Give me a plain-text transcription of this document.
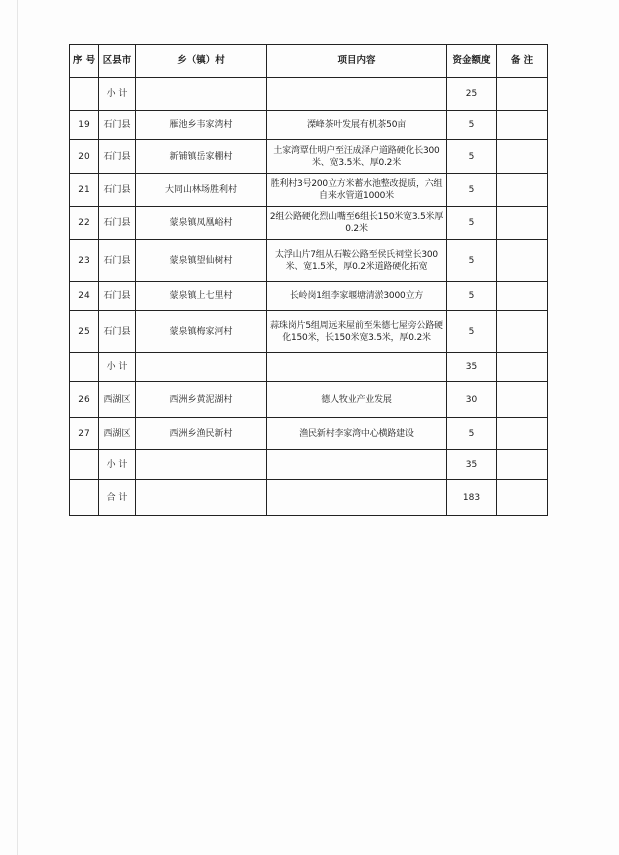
序 号	区县市	乡（镇）村	项目内容	资金额度	备 注
	小 计			25	
19	石门县	雁池乡韦家湾村	溧峰茶叶发展有机茶50亩	5	
20	石门县	新铺镇岳家棚村	土家湾覃仕明户至汪成泽户道路硬化长300米、宽3.5米、厚0.2米	5	
21	石门县	大同山林场胜利村	胜利村3号200立方米蓄水池整改提质，六组自来水管道1000米	5	
22	石门县	蒙泉镇凤凰峪村	2组公路硬化烈山嘴至6组长150米宽3.5米厚0.2米	5	
23	石门县	蒙泉镇望仙树村	太浮山片7组从石鞍公路至侯氏祠堂长300米、宽1.5米，厚0.2米道路硬化拓宽	5	
24	石门县	蒙泉镇上七里村	长岭岗1组李家堰塘清淤3000立方	5	
25	石门县	蒙泉镇梅家河村	蒜珠岗片5组周远来屋前至朱德七屋旁公路硬化150米，长150米宽3.5米，厚0.2米	5	
	小 计			35	
26	西湖区	西洲乡黄泥湖村	德人牧业产业发展	30	
27	西湖区	西洲乡渔民新村	渔民新村李家湾中心横路建设	5	
	小 计			35	
	合 计			183	
